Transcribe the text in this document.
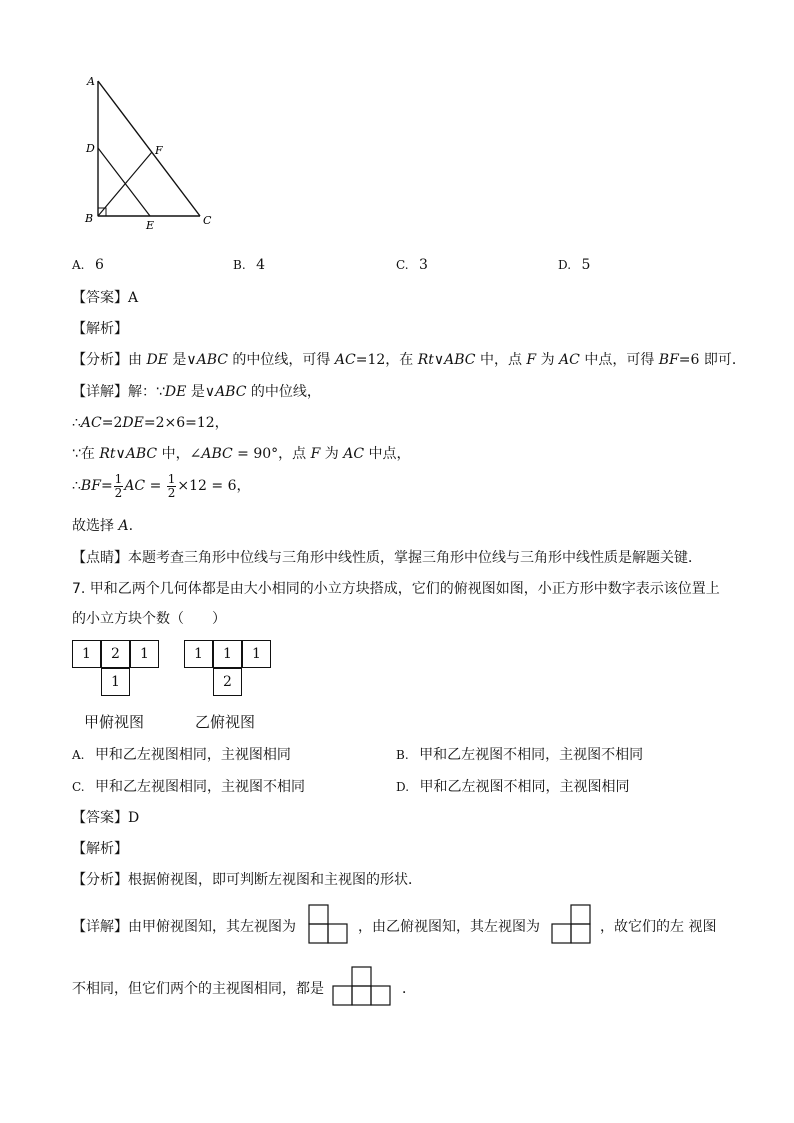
A
D	F
B
E	C
A. 6	B. 4	C. 3	D. 5
【答案】A
【解析】
【分析】由 DE 是∨ABC 的中位线，可得 AC=12，在 Rt∨ABC 中，点 F 为 AC 中点，可得 BF=6 即可．
【详解】解：∵DE 是∨ABC 的中位线，
∴AC=2DE=2×6=12，
∵在 Rt∨ABC 中，∠ABC = 90°，点 F 为 AC 中点，
∴BF= $\frac{1}{2}$ AC = $\frac{1}{2} \times 12 = 6$，
故选择 A.
【点睛】本题考查三角形中位线与三角形中线性质，掌握三角形中位线与三角形中线性质是解题关键．
7. 甲和乙两个几何体都是由大小相同的小立方块搭成，它们的俯视图如图，小正方形中数字表示该位置上
的小立方块个数（　　）
1	2	1
1
甲俯视图
1	1	1
2
乙俯视图
A. 甲和乙左视图相同，主视图相同	B. 甲和乙左视图不相同，主视图不相同
C. 甲和乙左视图相同，主视图不相同	D. 甲和乙左视图不相同，主视图相同
【答案】D
【解析】
【分析】根据俯视图，即可判断左视图和主视图的形状．
【详解】由甲俯视图知，其左视图为	，由乙俯视图知，其左视图为	，故它们的左 视图
不相同，但它们两个的主视图相同，都是	．
